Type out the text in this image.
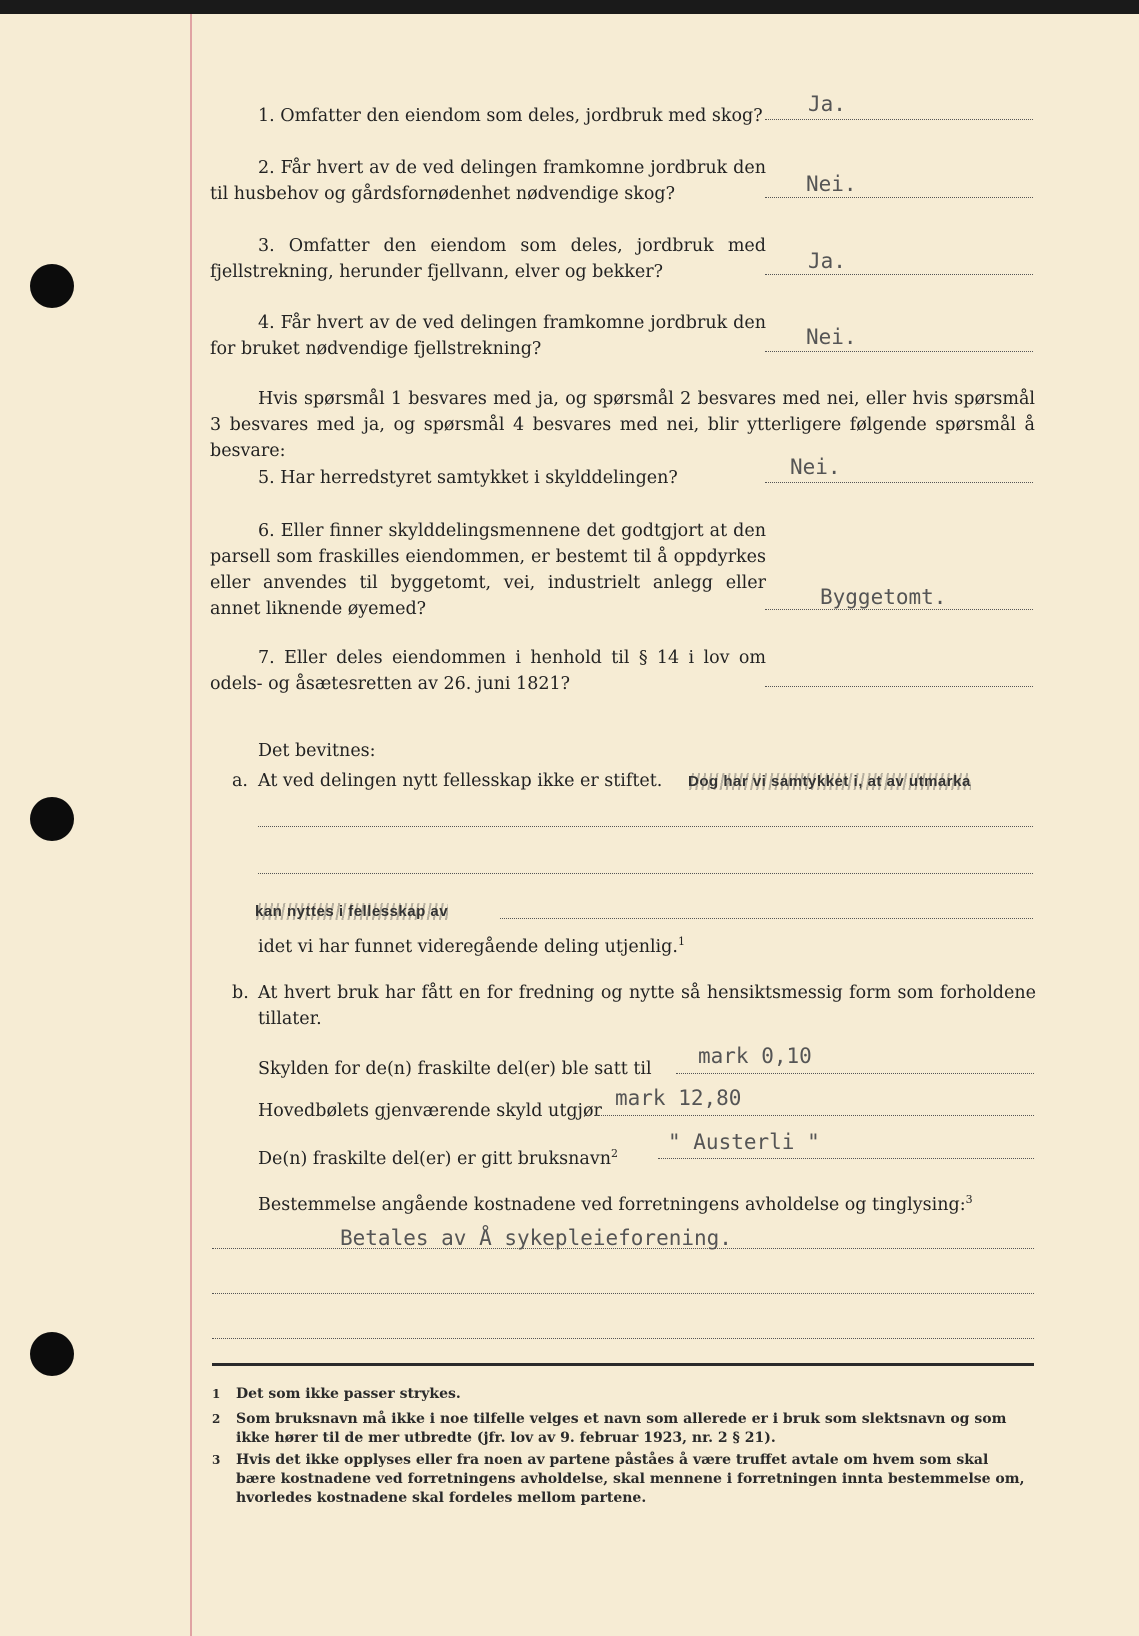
1. Omfatter den eiendom som deles, jordbruk med skog? Ja.
2. Får hvert av de ved delingen framkomne jordbruk den til husbehov og gårdsfornødenhet nødvendige skog?	Nei.
3. Omfatter den eiendom som deles, jordbruk med fjellstrekning, herunder fjellvann, elver og bekker?	Ja.
4. Får hvert av de ved delingen framkomne jordbruk den for bruket nødvendige fjellstrekning?	Nei.
Hvis spørsmål 1 besvares med ja, og spørsmål 2 besvares med nei, eller hvis spørsmål 3 besvares med ja, og spørsmål 4 besvares med nei, blir ytterligere følgende spørsmål å besvare:
5. Har herredstyret samtykket i skylddelingen?	Nei.
6. Eller finner skylddelingsmennene det godtgjort at den parsell som fraskilles eiendommen, er bestemt til å oppdyrkes eller anvendes til byggetomt, vei, industrielt anlegg eller annet liknende øyemed?	Byggetomt.
7. Eller deles eiendommen i henhold til § 14 i lov om odels- og åsætesretten av 26. juni 1821?
Det bevitnes:
a. At ved delingen nytt fellesskap ikke er stiftet. Dog har vi samtykket i, at av utmarka
kan nyttes i fellesskap av
idet vi har funnet videregående deling utjenlig.$^1$
b. At hvert bruk har fått en for fredning og nytte så hensiktsmessig form som forholdene tillater.
Skylden for de(n) fraskilte del(er) ble satt til
mark 0,10
Hovedbølets gjenværende skyld utgjør
mark 12,80
De(n) fraskilte del(er) er gitt bruksnavn$^2$ " Austerli "
Bestemmelse angående kostnadene ved forretningens avholdelse og tinglysing:$^3$
Betales av Å sykepleieforening.
1 Det som ikke passer strykes.
2 Som bruksnavn må ikke i noe tilfelle velges et navn som allerede er i bruk som slektsnavn og som ikke hører til de mer utbredte (jfr. lov av 9. februar 1923, nr. 2 § 21).
3 Hvis det ikke opplyses eller fra noen av partene påståes å være truffet avtale om hvem som skal bære kostnadene ved forretningens avholdelse, skal mennene i forretningen innta bestemmelse om, hvorledes kostnadene skal fordeles mellom partene.
